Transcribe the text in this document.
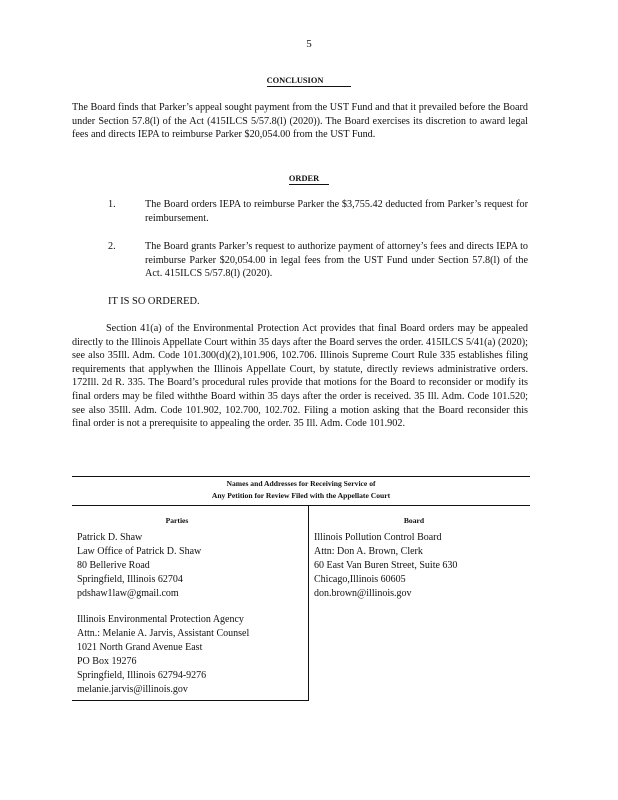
5
CONCLUSION
The Board finds that Parker’s appeal sought payment from the UST Fund and that it prevailed before the Board under Section 57.8(l) of the Act (415ILCS 5/57.8(l) (2020)). The Board exercises its discretion to award legal fees and directs IEPA to reimburse Parker $20,054.00 from the UST Fund.
ORDER
1.	The Board orders IEPA to reimburse Parker the $3,755.42 deducted from Parker’s request for reimbursement.
2.	The Board grants Parker’s request to authorize payment of attorney’s fees and directs IEPA to reimburse Parker $20,054.00 in legal fees from the UST Fund under Section 57.8(l) of the Act. 415ILCS 5/57.8(l) (2020).
IT IS SO ORDERED.
Section 41(a) of the Environmental Protection Act provides that final Board orders may be appealed directly to the Illinois Appellate Court within 35 days after the Board serves the order. 415ILCS 5/41(a) (2020); see also 35Ill. Adm. Code 101.300(d)(2),101.906, 102.706. Illinois Supreme Court Rule 335 establishes filing requirements that applywhen the Illinois Appellate Court, by statute, directly reviews administrative orders. 172Ill. 2d R. 335. The Board’s procedural rules provide that motions for the Board to reconsider or modify its final orders may be filed withthe Board within 35 days after the order is received. 35 Ill. Adm. Code 101.520; see also 35Ill. Adm. Code 101.902, 102.700, 102.702. Filing a motion asking that the Board reconsider this final order is not a prerequisite to appealing the order. 35 Ill. Adm. Code 101.902.
Names and Addresses for Receiving Service of
Any Petition for Review Filed with the Appellate Court
Parties
Patrick D. Shaw
Law Office of Patrick D. Shaw
80 Bellerive Road
Springfield, Illinois 62704
pdshaw1law@gmail.com
Illinois Environmental Protection Agency
Attn.: Melanie A. Jarvis, Assistant Counsel
1021 North Grand Avenue East
PO Box 19276
Springfield, Illinois 62794-9276
melanie.jarvis@illinois.gov
Board
Illinois Pollution Control Board
Attn: Don A. Brown, Clerk
60 East Van Buren Street, Suite 630
Chicago,Illinois 60605
don.brown@illinois.gov
